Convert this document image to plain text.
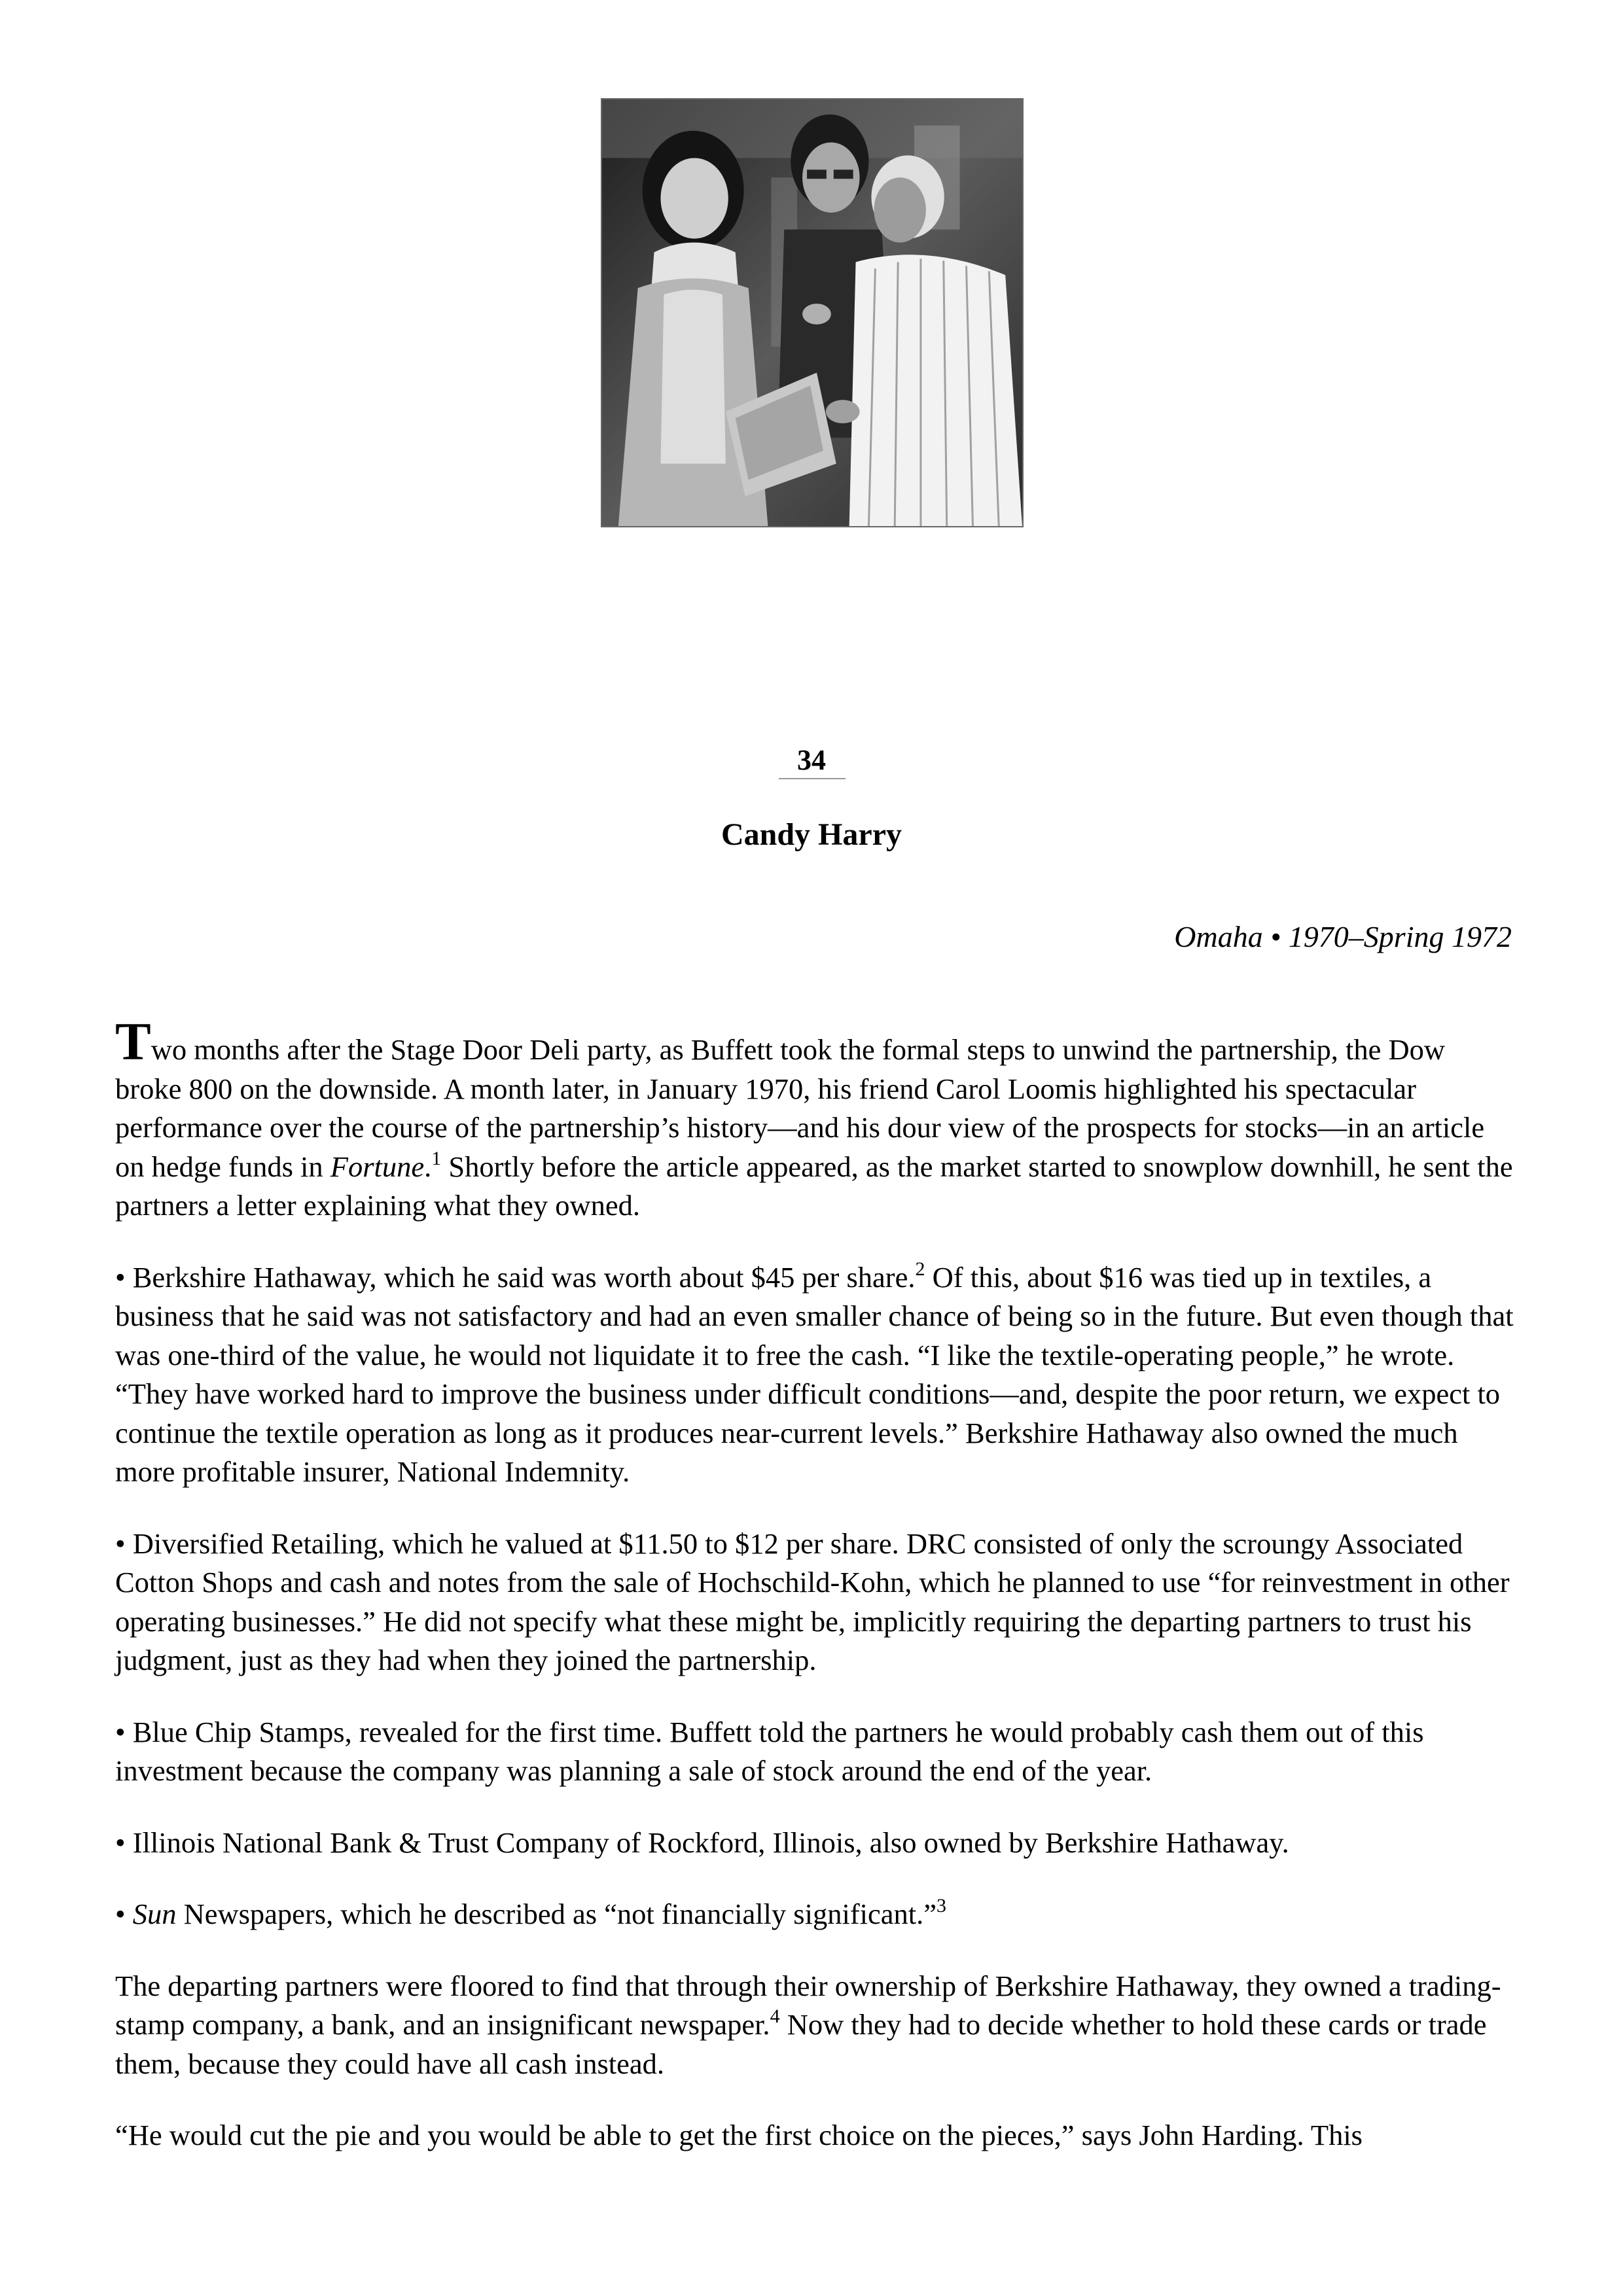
34
Candy Harry
Omaha • 1970–Spring 1972

Two months after the Stage Door Deli party, as Buffett took the formal steps to unwind the partnership, the Dow broke 800 on the downside. A month later, in January 1970, his friend Carol Loomis highlighted his spectacular performance over the course of the partnership’s history—and his dour view of the prospects for stocks—in an article on hedge funds in Fortune.$^1$ Shortly before the article appeared, as the market started to snowplow downhill, he sent the partners a letter explaining what they owned.

• Berkshire Hathaway, which he said was worth about $45 per share.$^2$ Of this, about $16 was tied up in textiles, a business that he said was not satisfactory and had an even smaller chance of being so in the future. But even though that was one-third of the value, he would not liquidate it to free the cash. “I like the textile-operating people,” he wrote. “They have worked hard to improve the business under difficult conditions—and, despite the poor return, we expect to continue the textile operation as long as it produces near-current levels.” Berkshire Hathaway also owned the much more profitable insurer, National Indemnity.

• Diversified Retailing, which he valued at $11.50 to $12 per share. DRC consisted of only the scroungy Associated Cotton Shops and cash and notes from the sale of Hochschild-Kohn, which he planned to use “for reinvestment in other operating businesses.” He did not specify what these might be, implicitly requiring the departing partners to trust his judgment, just as they had when they joined the partnership.

• Blue Chip Stamps, revealed for the first time. Buffett told the partners he would probably cash them out of this investment because the company was planning a sale of stock around the end of the year.

• Illinois National Bank & Trust Company of Rockford, Illinois, also owned by Berkshire Hathaway.

• Sun Newspapers, which he described as “not financially significant.”$^3$

The departing partners were floored to find that through their ownership of Berkshire Hathaway, they owned a trading-stamp company, a bank, and an insignificant newspaper.$^4$ Now they had to decide whether to hold these cards or trade them, because they could have all cash instead.

“He would cut the pie and you would be able to get the first choice on the pieces,” says John Harding. This
